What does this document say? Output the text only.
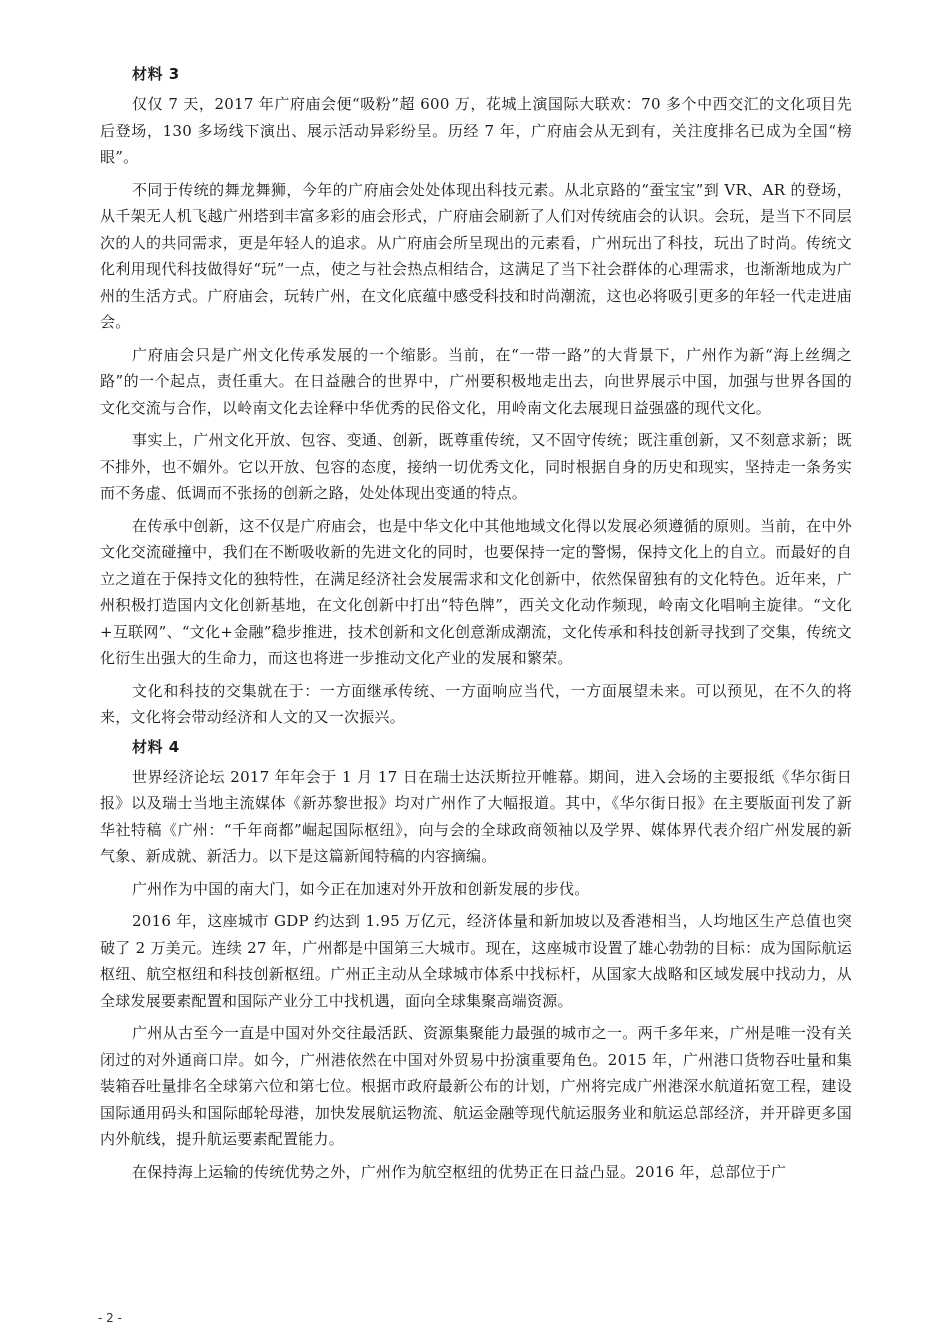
材料 3

仅仅 7 天，2017 年广府庙会便“吸粉”超 600 万，花城上演国际大联欢：70 多个中西交汇的文化项目先后登场，130 多场线下演出、展示活动异彩纷呈。历经 7 年，广府庙会从无到有，关注度排名已成为全国“榜眼”。

不同于传统的舞龙舞狮，今年的广府庙会处处体现出科技元素。从北京路的“蚕宝宝”到 VR、AR 的登场，从千架无人机飞越广州塔到丰富多彩的庙会形式，广府庙会刷新了人们对传统庙会的认识。会玩，是当下不同层次的人的共同需求，更是年轻人的追求。从广府庙会所呈现出的元素看，广州玩出了科技，玩出了时尚。传统文化利用现代科技做得好“玩”一点，使之与社会热点相结合，这满足了当下社会群体的心理需求，也渐渐地成为广州的生活方式。广府庙会，玩转广州，在文化底蕴中感受科技和时尚潮流，这也必将吸引更多的年轻一代走进庙会。

广府庙会只是广州文化传承发展的一个缩影。当前，在“一带一路”的大背景下，广州作为新“海上丝绸之路”的一个起点，责任重大。在日益融合的世界中，广州要积极地走出去，向世界展示中国，加强与世界各国的文化交流与合作，以岭南文化去诠释中华优秀的民俗文化，用岭南文化去展现日益强盛的现代文化。

事实上，广州文化开放、包容、变通、创新，既尊重传统，又不固守传统；既注重创新，又不刻意求新；既不排外，也不媚外。它以开放、包容的态度，接纳一切优秀文化，同时根据自身的历史和现实，坚持走一条务实而不务虚、低调而不张扬的创新之路，处处体现出变通的特点。

在传承中创新，这不仅是广府庙会，也是中华文化中其他地域文化得以发展必须遵循的原则。当前，在中外文化交流碰撞中，我们在不断吸收新的先进文化的同时，也要保持一定的警惕，保持文化上的自立。而最好的自立之道在于保持文化的独特性，在满足经济社会发展需求和文化创新中，依然保留独有的文化特色。近年来，广州积极打造国内文化创新基地，在文化创新中打出“特色牌”，西关文化动作频现，岭南文化唱响主旋律。“文化+互联网”、“文化+金融”稳步推进，技术创新和文化创意渐成潮流，文化传承和科技创新寻找到了交集，传统文化衍生出强大的生命力，而这也将进一步推动文化产业的发展和繁荣。

文化和科技的交集就在于：一方面继承传统、一方面响应当代，一方面展望未来。可以预见，在不久的将来，文化将会带动经济和人文的又一次振兴。

材料 4

世界经济论坛 2017 年年会于 1 月 17 日在瑞士达沃斯拉开帷幕。期间，进入会场的主要报纸《华尔街日报》以及瑞士当地主流媒体《新苏黎世报》均对广州作了大幅报道。其中，《华尔街日报》在主要版面刊发了新华社特稿《广州：“千年商都”崛起国际枢纽》，向与会的全球政商领袖以及学界、媒体界代表介绍广州发展的新气象、新成就、新活力。以下是这篇新闻特稿的内容摘编。

广州作为中国的南大门，如今正在加速对外开放和创新发展的步伐。

2016 年，这座城市 GDP 约达到 1.95 万亿元，经济体量和新加坡以及香港相当，人均地区生产总值也突破了 2 万美元。连续 27 年，广州都是中国第三大城市。现在，这座城市设置了雄心勃勃的目标：成为国际航运枢纽、航空枢纽和科技创新枢纽。广州正主动从全球城市体系中找标杆，从国家大战略和区域发展中找动力，从全球发展要素配置和国际产业分工中找机遇，面向全球集聚高端资源。

广州从古至今一直是中国对外交往最活跃、资源集聚能力最强的城市之一。两千多年来，广州是唯一没有关闭过的对外通商口岸。如今，广州港依然在中国对外贸易中扮演重要角色。2015 年，广州港口货物吞吐量和集装箱吞吐量排名全球第六位和第七位。根据市政府最新公布的计划，广州将完成广州港深水航道拓宽工程，建设国际通用码头和国际邮轮母港，加快发展航运物流、航运金融等现代航运服务业和航运总部经济，并开辟更多国内外航线，提升航运要素配置能力。

在保持海上运输的传统优势之外，广州作为航空枢纽的优势正在日益凸显。2016 年，总部位于广

- 2 -
